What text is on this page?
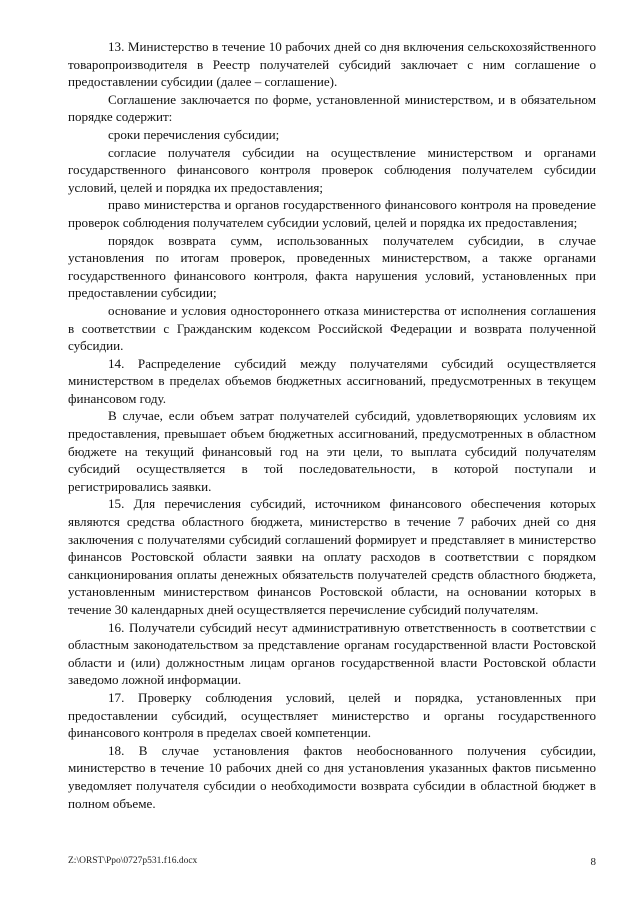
13. Министерство в течение 10 рабочих дней со дня включения сельскохозяйственного товаропроизводителя в Реестр получателей субсидий заключает с ним соглашение о предоставлении субсидии (далее – соглашение).

Соглашение заключается по форме, установленной министерством, и в обязательном порядке содержит:

сроки перечисления субсидии;

согласие получателя субсидии на осуществление министерством и органами государственного финансового контроля проверок соблюдения получателем субсидии условий, целей и порядка их предоставления;

право министерства и органов государственного финансового контроля на проведение проверок соблюдения получателем субсидии условий, целей и порядка их предоставления;

порядок возврата сумм, использованных получателем субсидии, в случае установления по итогам проверок, проведенных министерством, а также органами государственного финансового контроля, факта нарушения условий, установленных при предоставлении субсидии;

основание и условия одностороннего отказа министерства от исполнения соглашения в соответствии с Гражданским кодексом Российской Федерации и возврата полученной субсидии.

14. Распределение субсидий между получателями субсидий осуществляется министерством в пределах объемов бюджетных ассигнований, предусмотренных в текущем финансовом году.

В случае, если объем затрат получателей субсидий, удовлетворяющих условиям их предоставления, превышает объем бюджетных ассигнований, предусмотренных в областном бюджете на текущий финансовый год на эти цели, то выплата субсидий получателям субсидий осуществляется в той последовательности, в которой поступали и регистрировались заявки.

15. Для перечисления субсидий, источником финансового обеспечения которых являются средства областного бюджета, министерство в течение 7 рабочих дней со дня заключения с получателями субсидий соглашений формирует и представляет в министерство финансов Ростовской области заявки на оплату расходов в соответствии с порядком санкционирования оплаты денежных обязательств получателей средств областного бюджета, установленным министерством финансов Ростовской области, на основании которых в течение 30 календарных дней осуществляется перечисление субсидий получателям.

16. Получатели субсидий несут административную ответственность в соответствии с областным законодательством за представление органам государственной власти Ростовской области и (или) должностным лицам органов государственной власти Ростовской области заведомо ложной информации.

17. Проверку соблюдения условий, целей и порядка, установленных при предоставлении субсидий, осуществляет министерство и органы государственного финансового контроля в пределах своей компетенции.

18. В случае установления фактов необоснованного получения субсидии, министерство в течение 10 рабочих дней со дня установления указанных фактов письменно уведомляет получателя субсидии о необходимости возврата субсидии в областной бюджет в полном объеме.

Z:\ORST\Ppo\0727p531.f16.docx	8
